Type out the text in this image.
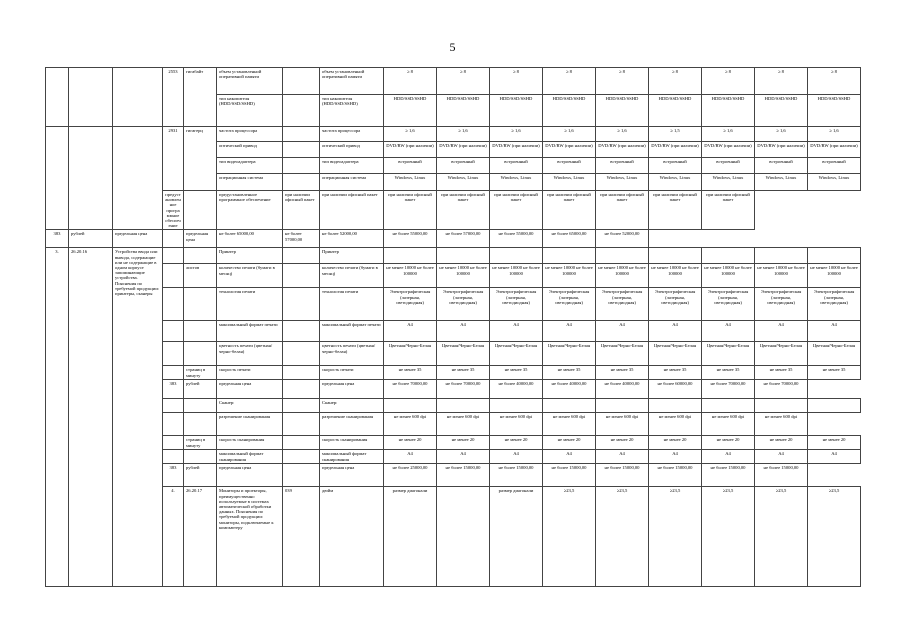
5
			2553	гигабайт	объем установленной оперативной памяти		объем установленной оперативной памяти	≥ 8	≥ 8	≥ 8	≥ 8	≥ 8	≥ 8	≥ 8	≥ 8	≥ 8	
					тип накопителя (HDD/SSD/SSHD)		тип накопителя (HDD/SSD/SSHD)	HDD/SSD/SSHD	HDD/SSD/SSHD	HDD/SSD/SSHD	HDD/SSD/SSHD	HDD/SSD/SSHD	HDD/SSD/SSHD	HDD/SSD/SSHD	HDD/SSD/SSHD	HDD/SSD/SSHD	
			2931	гигагерц	частота процессора		частота процессора	≥ 1,6	≥ 1,6	≥ 1,6	≥ 1,6	≥ 1,6	≥ 1,5	≥ 1,6	≥ 1,6	≥ 1,6	
					оптический привод		оптический привод	DVD/RW (при наличии)	DVD/RW (при наличии)	DVD/RW (при наличии)	DVD/RW (при наличии)	DVD/RW (при наличии)	DVD/RW (при наличии)	DVD/RW (при наличии)	DVD/RW (при наличии)	DVD/RW (при наличии)	
					тип видеоадаптера		тип видеоадаптера	встроенный	встроенный	встроенный	встроенный	встроенный	встроенный	встроенный	встроенный	встроенный	
					операционная система		операционная система	Windows, Linux	Windows, Linux	Windows, Linux	Windows, Linux	Windows, Linux	Windows, Linux	Windows, Linux	Windows, Linux	Windows, Linux	
			предустановленное программное обеспечение		предустановленное программное обеспечение	при наличии офисный пакет	при наличии офисный пакет	при наличии офисный пакет	при наличии офисный пакет	при наличии офисный пакет	при наличии офисный пакет	при наличии офисный пакет	при наличии офисный пакет	при наличии офисный пакет			
383	рублей	предельная цена		предельная цена	не более 65000,00	не более 57000,00	не более 52000,00	не более 55000,00	не более 57000,00	не более 55000,00	не более 65000,00	не более 52000,00					
3.	26.20.16	Устройства ввода или вывода, содержащие или не содержащие в одном корпусе запоминающие устройства. Пояснения по требуемой продукции: принтеры, сканеры			Принтер		Принтер										
				листов	количество печати (бумаги в месяц)		количество печати (бумаги в месяц)	не менее 10000 не более 100000	не менее 10000 не более 100000	не менее 10000 не более 100000	не менее 10000 не более 100000	не менее 10000 не более 100000	не менее 10000 не более 100000	не менее 10000 не более 100000	не менее 10000 не более 100000	не менее 10000 не более 100000	
					технология печати		технология печати	Электрографическая (лазерная, светодиодная)	Электрографическая (лазерная, светодиодная)	Электрографическая (лазерная, светодиодная)	Электрографическая (лазерная, светодиодная)	Электрографическая (лазерная, светодиодная)	Электрографическая (лазерная, светодиодная)	Электрографическая (лазерная, светодиодная)	Электрографическая (лазерная, светодиодная)	Электрографическая (лазерная, светодиодная)	
					максимальный формат печати		максимальный формат печати	A4	A4	A4	A4	A4	A4	A4	A4	A4	
					цветность печати (цветная/черно-белая)		цветность печати (цветная/черно-белая)	Цветная/Черно-Белая	Цветная/Черно-Белая	Цветная/Черно-Белая	Цветная/Черно-Белая	Цветная/Черно-Белая	Цветная/Черно-Белая	Цветная/Черно-Белая	Цветная/Черно-Белая	Цветная/Черно-Белая	
				страниц в минуту	скорость печати		скорость печати	не менее 35	не менее 35	не менее 35	не менее 35	не менее 35	не менее 35	не менее 35	не менее 35	не менее 35	
			383	рублей	предельная цена		предельная цена	не более 70000,00	не более 70000,00	не более 40000,00	не более 40000,00	не более 40000,00	не более 60000,00	не более 70000,00	не более 70000,00		
					Сканер:		Сканер:										
					разрешение сканирования		разрешение сканирования	не менее 600 dpi	не менее 600 dpi	не менее 600 dpi	не менее 600 dpi	не менее 600 dpi	не менее 600 dpi	не менее 600 dpi	не менее 600 dpi		
				страниц в минуту	скорость сканирования		скорость сканирования	не менее 20	не менее 20	не менее 20	не менее 20	не менее 20	не менее 20	не менее 20	не менее 20	не менее 20	
					максимальный формат сканирования		максимальный формат сканирования	A4	A4	A4	A4	A4	A4	A4	A4	A4	
			383	рублей	предельная цена		предельная цена	не более 25000,00	не более 15000,00	не более 15000,00	не более 15000,00	не более 15000,00	не более 15000,00	не более 15000,00	не более 15000,00		
			4.	26.20.17	Мониторы и проекторы, преимущественно используемые в системах автоматической обработки данных. Пояснения по требуемой продукции: мониторы, подключаемые к компьютеру	039	дюйм	размер диагонали		размер диагонали	≥23,5	≥23,5	≥23,5	≥23,5	≥23,5	≥23,5			
